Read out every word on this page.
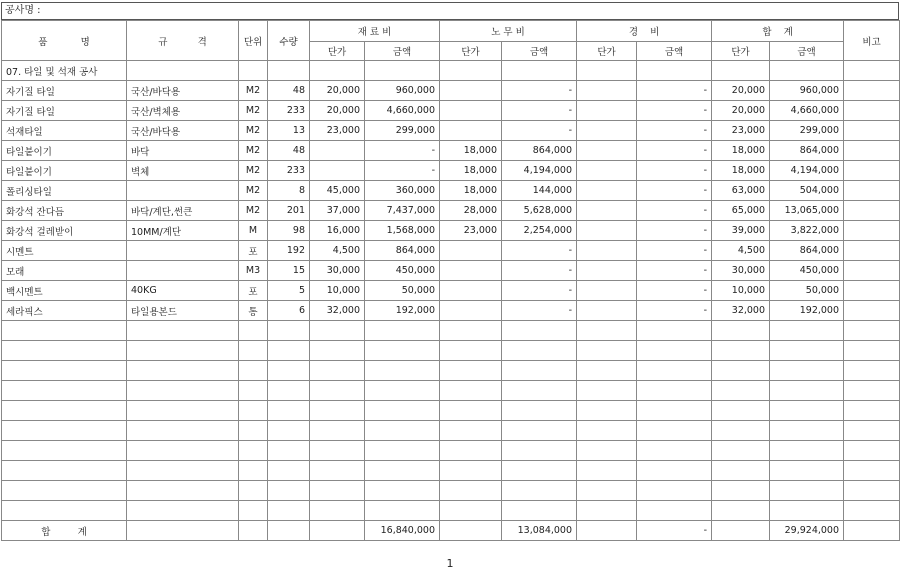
공사명 :
품           명	규          격	단위	수량	재 료 비		노 무 비		경    비		합    계		비고
				단가	금액	단가	금액	단가	금액	단가	금액	
07. 타일 및 석재 공사												
자기질 타일	국산/바닥용	M2	48	20,000	960,000		-		-	20,000	960,000	
자기질 타일	국산/벽체용	M2	233	20,000	4,660,000		-		-	20,000	4,660,000	
석재타일	국산/바닥용	M2	13	23,000	299,000		-		-	23,000	299,000	
타일붙이기	바닥	M2	48		-	18,000	864,000		-	18,000	864,000	
타일붙이기	벽체	M2	233		-	18,000	4,194,000		-	18,000	4,194,000	
폴리싱타일		M2	8	45,000	360,000	18,000	144,000		-	63,000	504,000	
화강석 잔다듬	바닥/계단,썬큰	M2	201	37,000	7,437,000	28,000	5,628,000		-	65,000	13,065,000	
화강석 걸레받이	10MM/계단	M	98	16,000	1,568,000	23,000	2,254,000		-	39,000	3,822,000	
시멘트		포	192	4,500	864,000		-		-	4,500	864,000	
모래		M3	15	30,000	450,000		-		-	30,000	450,000	
백시멘트	40KG	포	5	10,000	50,000		-		-	10,000	50,000	
세라픽스	타일용본드	통	6	32,000	192,000		-		-	32,000	192,000	

합         계					16,840,000		13,084,000		-		29,924,000	
1
